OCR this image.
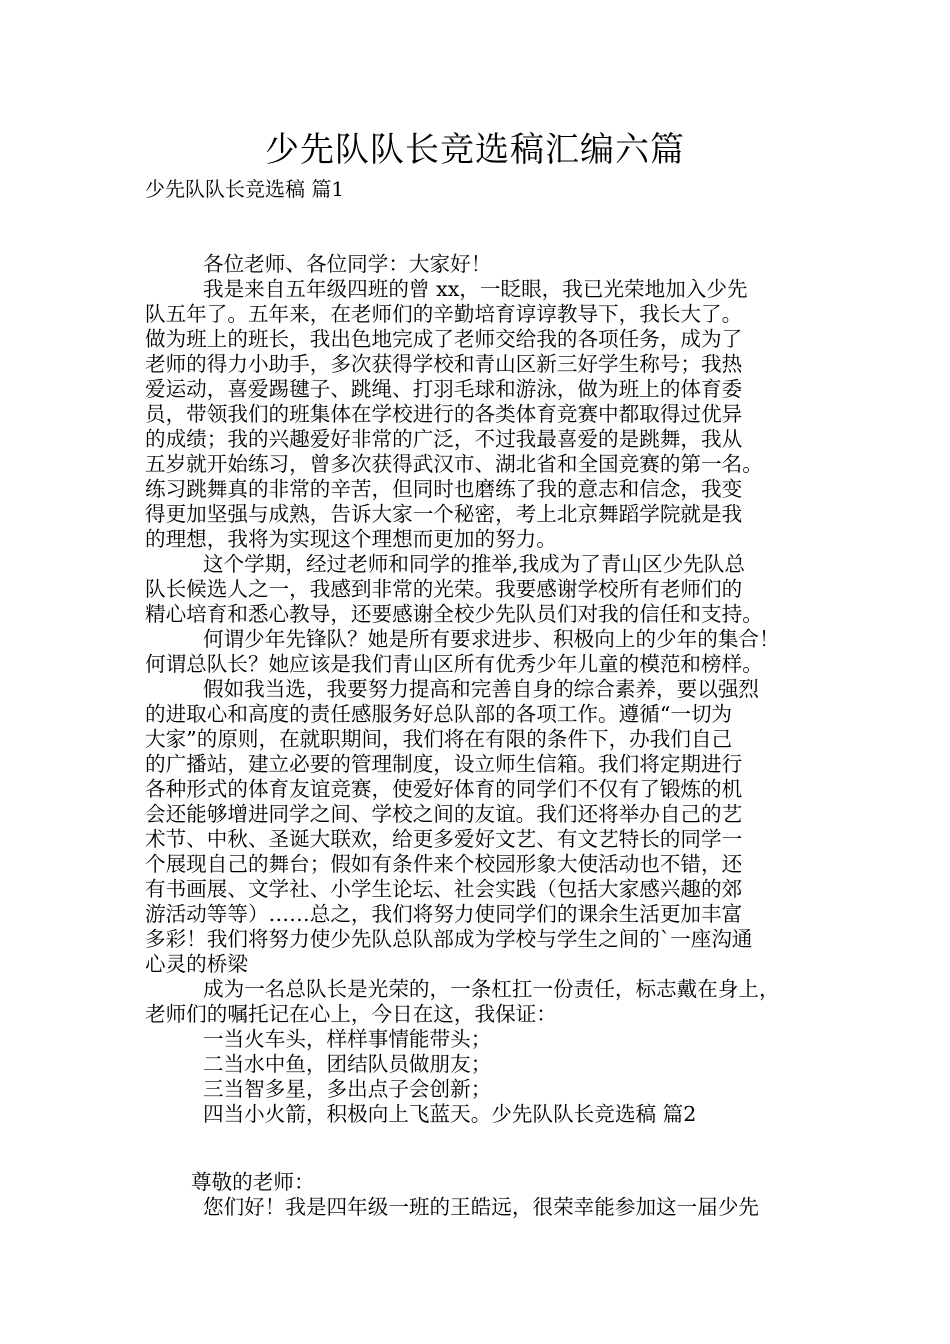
少先队队长竞选稿汇编六篇
少先队队长竞选稿 篇1
各位老师、各位同学：大家好！
我是来自五年级四班的曾 xx，一眨眼，我已光荣地加入少先
队五年了。五年来，在老师们的辛勤培育谆谆教导下，我长大了。
做为班上的班长，我出色地完成了老师交给我的各项任务，成为了
老师的得力小助手，多次获得学校和青山区新三好学生称号；我热
爱运动，喜爱踢毽子、跳绳、打羽毛球和游泳，做为班上的体育委
员，带领我们的班集体在学校进行的各类体育竞赛中都取得过优异
的成绩；我的兴趣爱好非常的广泛，不过我最喜爱的是跳舞，我从
五岁就开始练习，曾多次获得武汉市、湖北省和全国竞赛的第一名。
练习跳舞真的非常的辛苦，但同时也磨练了我的意志和信念，我变
得更加坚强与成熟，告诉大家一个秘密，考上北京舞蹈学院就是我
的理想，我将为实现这个理想而更加的努力。
这个学期，经过老师和同学的推举,我成为了青山区少先队总
队长候选人之一，我感到非常的光荣。我要感谢学校所有老师们的
精心培育和悉心教导，还要感谢全校少先队员们对我的信任和支持。
何谓少年先锋队？她是所有要求进步、积极向上的少年的集合！
何谓总队长？她应该是我们青山区所有优秀少年儿童的模范和榜样。
假如我当选，我要努力提高和完善自身的综合素养，要以强烈
的进取心和高度的责任感服务好总队部的各项工作。遵循“一切为
大家”的原则，在就职期间，我们将在有限的条件下，办我们自己
的广播站，建立必要的管理制度，设立师生信箱。我们将定期进行
各种形式的体育友谊竞赛，使爱好体育的同学们不仅有了锻炼的机
会还能够增进同学之间、学校之间的友谊。我们还将举办自己的艺
术节、中秋、圣诞大联欢，给更多爱好文艺、有文艺特长的同学一
个展现自己的舞台；假如有条件来个校园形象大使活动也不错，还
有书画展、文学社、小学生论坛、社会实践（包括大家感兴趣的郊
游活动等等）……总之，我们将努力使同学们的课余生活更加丰富
多彩！我们将努力使少先队总队部成为学校与学生之间的`一座沟通
心灵的桥梁
成为一名总队长是光荣的，一条杠扛一份责任，标志戴在身上，
老师们的嘱托记在心上，今日在这，我保证：
一当火车头，样样事情能带头；
二当水中鱼，团结队员做朋友；
三当智多星，多出点子会创新；
四当小火箭，积极向上飞蓝天。少先队队长竞选稿 篇2
尊敬的老师：
您们好！我是四年级一班的王皓远，很荣幸能参加这一届少先
